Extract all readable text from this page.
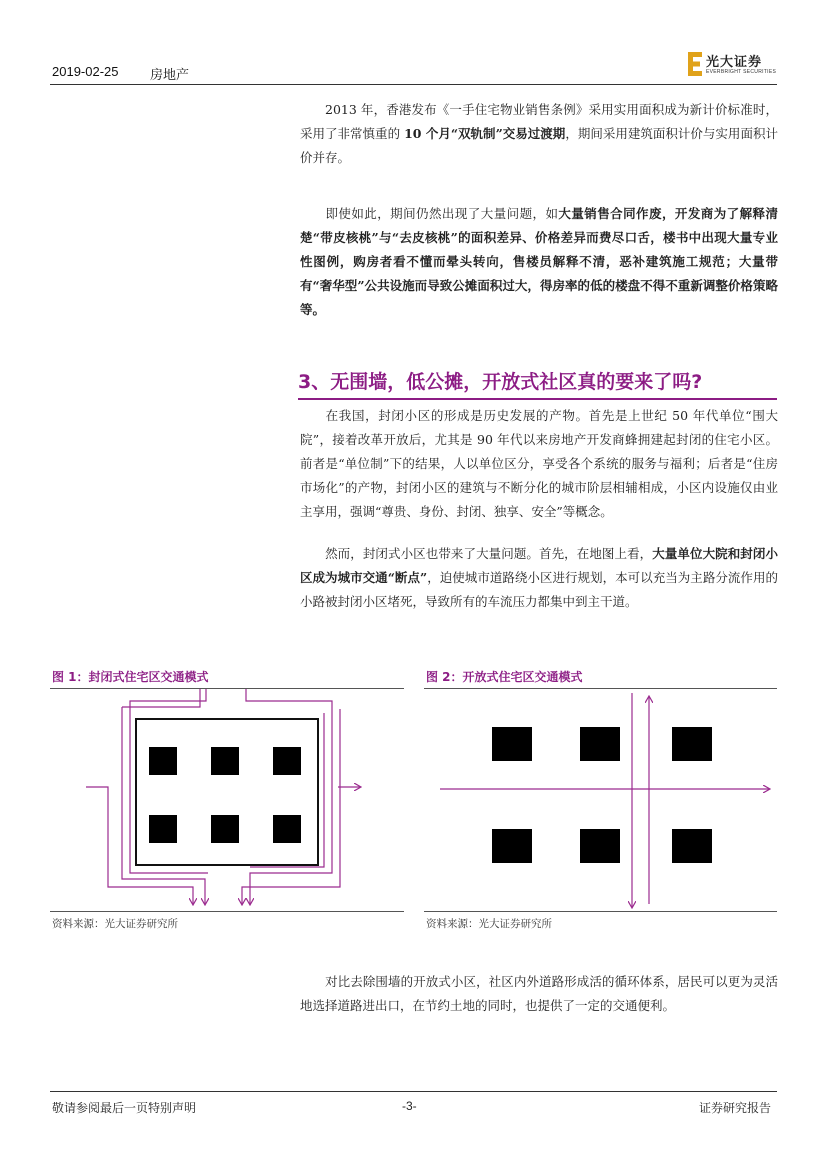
2019-02-25 房地产
光大证券
EVERBRIGHT SECURITIES
2013 年，香港发布《一手住宅物业销售条例》采用实用面积成为新计价标准时，采用了非常慎重的 10 个月“双轨制”交易过渡期，期间采用建筑面积计价与实用面积计价并存。
即使如此，期间仍然出现了大量问题，如大量销售合同作废，开发商为了解释清楚“带皮核桃”与“去皮核桃”的面积差异、价格差异而费尽口舌，楼书中出现大量专业性图例，购房者看不懂而晕头转向，售楼员解释不清，恶补建筑施工规范；大量带有“奢华型”公共设施而导致公摊面积过大，得房率的低的楼盘不得不重新调整价格策略等。
3、无围墙，低公摊，开放式社区真的要来了吗?
在我国，封闭小区的形成是历史发展的产物。首先是上世纪 50 年代单位“围大院”，接着改革开放后，尤其是 90 年代以来房地产开发商蜂拥建起封闭的住宅小区。前者是“单位制”下的结果，人以单位区分，享受各个系统的服务与福利；后者是“住房市场化”的产物，封闭小区的建筑与不断分化的城市阶层相辅相成，小区内设施仅由业主享用，强调“尊贵、身份、封闭、独享、安全”等概念。
然而，封闭式小区也带来了大量问题。首先，在地图上看，大量单位大院和封闭小区成为城市交通“断点”，迫使城市道路绕小区进行规划，本可以充当为主路分流作用的小路被封闭小区堵死，导致所有的车流压力都集中到主干道。
图 1：封闭式住宅区交通模式
资料来源：光大证券研究所
图 2：开放式住宅区交通模式
资料来源：光大证券研究所
对比去除围墙的开放式小区，社区内外道路形成活的循环体系，居民可以更为灵活地选择道路进出口，在节约土地的同时，也提供了一定的交通便利。
敬请参阅最后一页特别声明	-3-	证券研究报告
